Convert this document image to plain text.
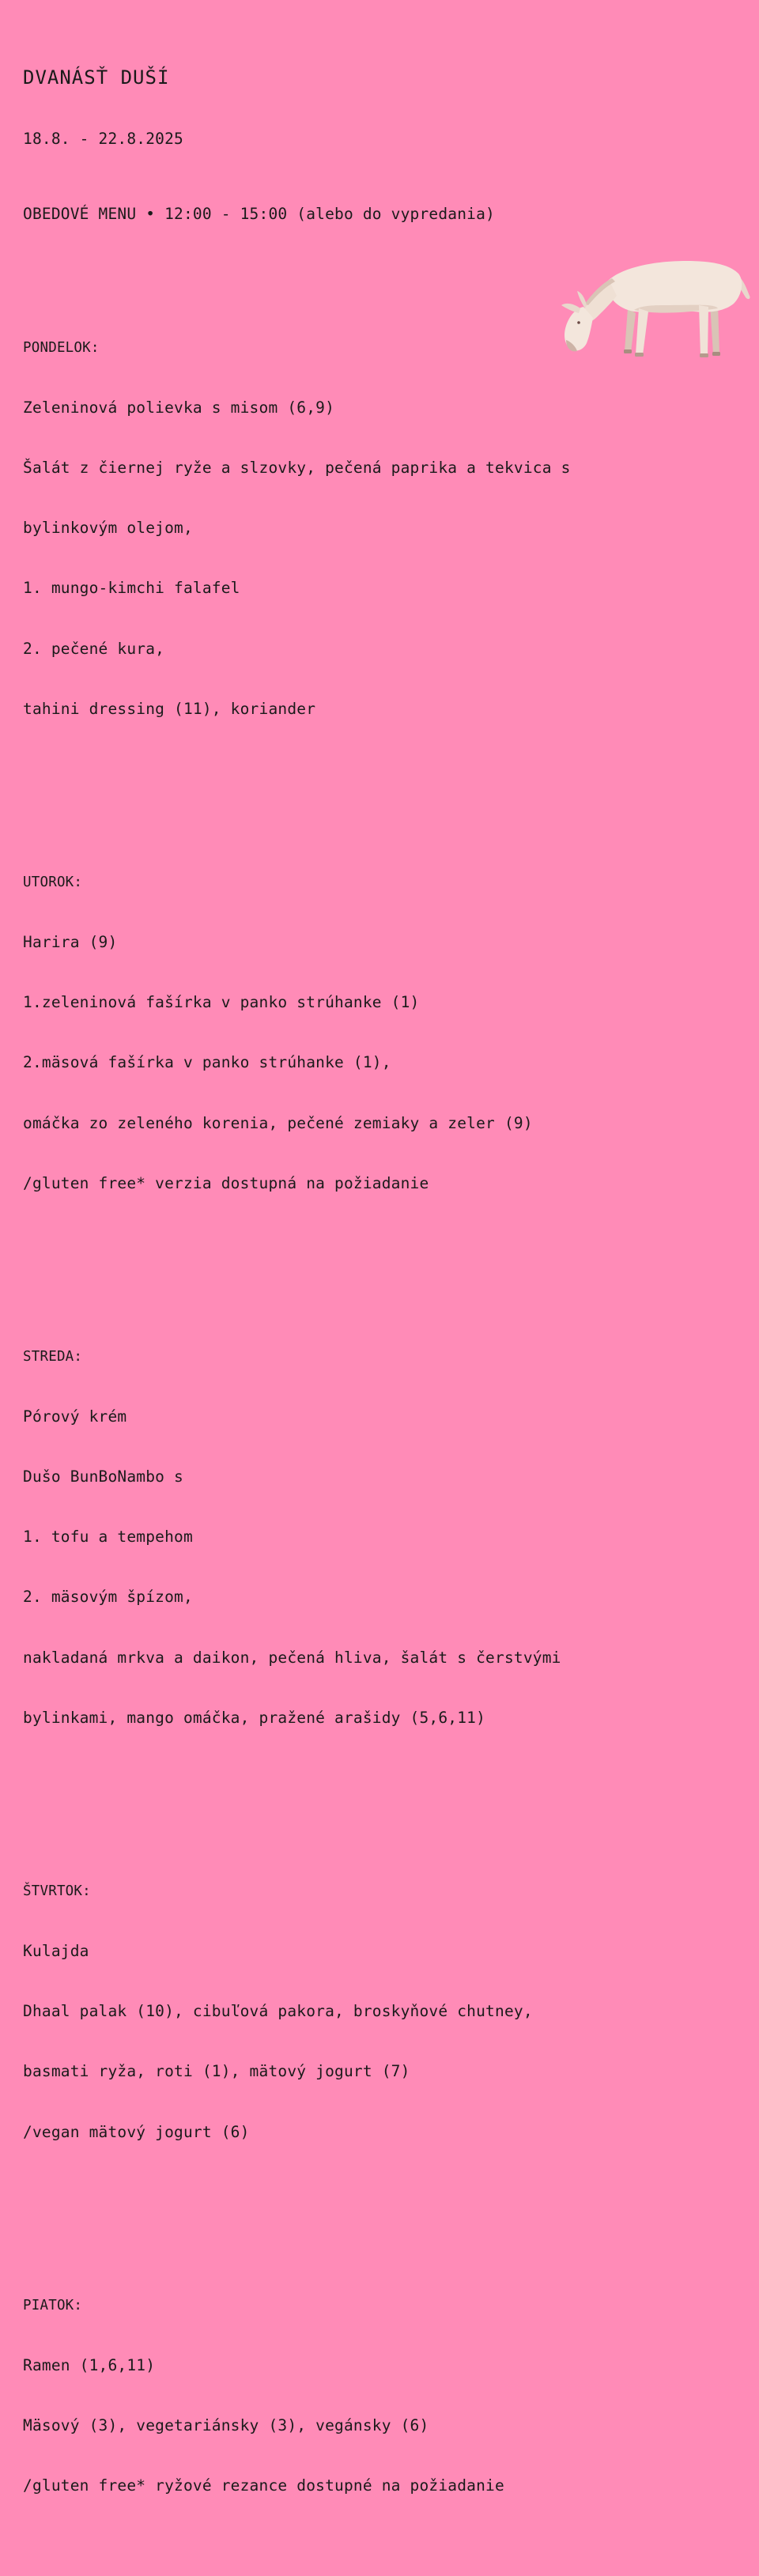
DVANÁSŤ DUŠÍ

18.8. - 22.8.2025

OBEDOVÉ MENU • 12:00 - 15:00 (alebo do vypredania)

PONDELOK:

Zeleninová polievka s misom (6,9)

Šalát z čiernej ryže a slzovky, pečená paprika a tekvica s

bylinkovým olejom,

1. mungo-kimchi falafel

2. pečené kura,

tahini dressing (11), koriander

UTOROK:

Harira (9)

1.zeleninová fašírka v panko strúhanke (1)

2.mäsová fašírka v panko strúhanke (1),

omáčka zo zeleného korenia, pečené zemiaky a zeler (9)

/gluten free* verzia dostupná na požiadanie

STREDA:

Pórový krém

Dušo BunBoNambo s

1. tofu a tempehom

2. mäsovým špízom,

nakladaná mrkva a daikon, pečená hliva, šalát s čerstvými

bylinkami, mango omáčka, pražené arašidy (5,6,11)

ŠTVRTOK:

Kulajda

Dhaal palak (10), cibuľová pakora, broskyňové chutney,

basmati ryža, roti (1), mätový jogurt (7)

/vegan mätový jogurt (6)

PIATOK:

Ramen (1,6,11)

Mäsový (3), vegetariánsky (3), vegánsky (6)

/gluten free* ryžové rezance dostupné na požiadanie
